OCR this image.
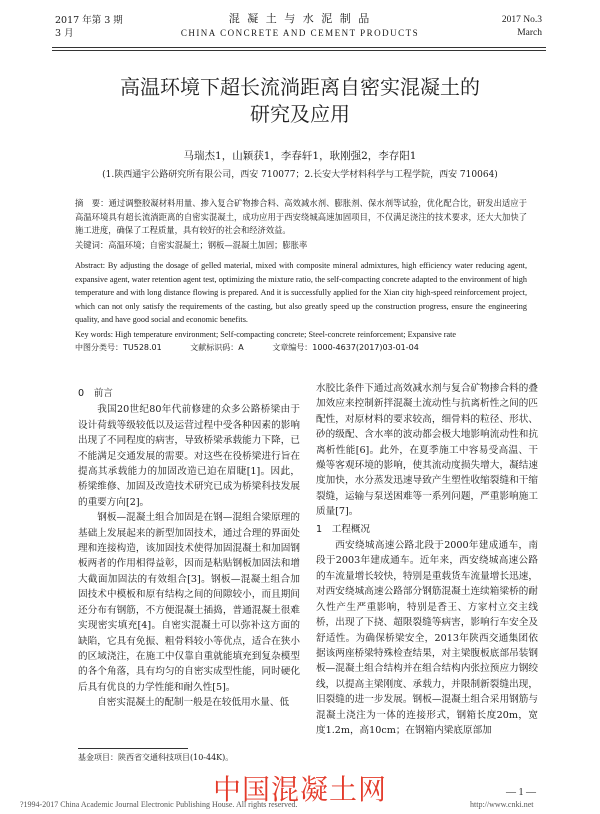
2017 年第 3 期
3 月
混 凝 土 与 水 泥 制 品
CHINA CONCRETE AND CEMENT PRODUCTS
2017 No.3
March
高温环境下超长流淌距离自密实混凝土的
研究及应用
马瑞杰1，山颖获1，李春轩1，耿刚强2，李存阳1
(1.陕西通宇公路研究所有限公司，西安 710077；2.长安大学材料科学与工程学院，西安 710064)
摘　要：通过调整胶凝材料用量、掺入复合矿物掺合料、高效减水剂、膨胀剂、保水剂等试验，优化配合比，研发出适应于高温环境具有超长流淌距离的自密实混凝土，成功应用于西安绕城高速加固项目，不仅满足浇注的技术要求，还大大加快了施工进度，确保了工程质量，具有较好的社会和经济效益。
关键词：高温环境；自密实混凝土；钢板—混凝土加固；膨胀率
Abstract: By adjusting the dosage of gelled material, mixed with composite mineral admixtures, high efficiency water reducing agent, expansive agent, water retention agent test, optimizing the mixture ratio, the self-compacting concrete adapted to the environment of high temperature and with long distance flowing is prepared. And it is successfully applied for the Xian city high-speed reinforcement project, which can not only satisfy the requirements of the casting, but also greatly speed up the construction progress, ensure the engineering quality, and have good social and economic benefits.
Key words: High temperature environment; Self-compacting concrete; Steel-concrete reinforcement; Expansive rate
中图分类号：TU528.01	文献标识码：A	文章编号：1000-4637(2017)03-01-04
0　前言

我国20世纪80年代前修建的众多公路桥梁由于设计荷载等级较低以及运营过程中受各种因素的影响出现了不同程度的病害，导致桥梁承载能力下降，已不能满足交通发展的需要。对这些在役桥梁进行旨在提高其承载能力的加固改造已迫在眉睫[1]。因此，桥梁维修、加固及改造技术研究已成为桥梁科技发展的重要方向[2]。

钢板—混凝土组合加固是在钢—混组合梁原理的基础上发展起来的新型加固技术，通过合理的界面处理和连接构造，该加固技术使得加固混凝土和加固钢板两者的作用相得益彰，因而是粘贴钢板加固法和增大截面加固法的有效组合[3]。钢板—混凝土组合加固技术中模板和原有结构之间的间隙较小，而且期间还分布有钢筋，不方便混凝土插捣，普通混凝土很难实现密实填充[4]。自密实混凝土可以弥补这方面的缺陷，它具有免振、粗骨料较小等优点，适合在狭小的区域浇注，在施工中仅靠自重就能填充到复杂模型的各个角落，具有均匀的自密实成型性能，同时硬化后具有优良的力学性能和耐久性[5]。

自密实混凝土的配制一般是在较低用水量、低

水胶比条件下通过高效减水剂与复合矿物掺合料的叠加效应来控制新拌混凝土流动性与抗离析性之间的匹配性，对原材料的要求较高，细骨料的粒径、形状、砂的级配、含水率的波动都会极大地影响流动性和抗离析性能[6]。此外，在夏季施工中容易受高温、干燥等客观环境的影响，使其流动度损失增大，凝结速度加快，水分蒸发迅速导致产生塑性收缩裂缝和干缩裂缝，运输与泵送困难等一系列问题，严重影响施工质量[7]。

1　工程概况

西安绕城高速公路北段于2000年建成通车，南段于2003年建成通车。近年来，西安绕城高速公路的车流量增长较快，特别是重载货车流量增长迅速，对西安绕城高速公路部分钢筋混凝土连续箱梁桥的耐久性产生严重影响，特别是香王、方家村立交主线桥，出现了下挠、超限裂缝等病害，影响行车安全及舒适性。为确保桥梁安全，2013年陕西交通集团依据该两座桥梁特殊检查结果，对主梁腹板底部吊装钢板—混凝土组合结构并在组合结构内张拉预应力钢绞线，以提高主梁刚度、承载力，并限制新裂缝出现，旧裂缝的进一步发展。钢板—混凝土组合采用钢筋与混凝土浇注为一体的连接形式，钢箱长度20m，宽度1.2m，高10cm；在钢箱内梁底原部加

基金项目：陕西省交通科技项目(10-44K)。
中国混凝土网	— 1 —
?1994-2017 China Academic Journal Electronic Publishing House. All rights reserved.	http://www.cnki.net
